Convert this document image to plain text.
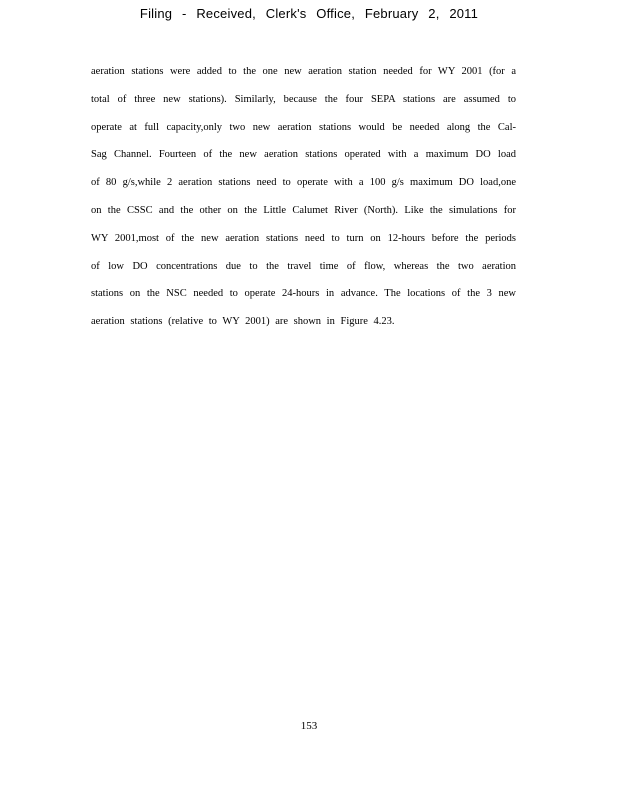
Filing - Received, Clerk's Office, February 2, 2011
aeration stations were added to the one new aeration station needed for WY 2001 (for a
total of three new stations). Similarly, because the four SEPA stations are assumed to
operate at full capacity,only two new aeration stations would be needed along the Cal-
Sag Channel. Fourteen of the new aeration stations operated with a maximum DO load
of 80 g/s,while 2 aeration stations need to operate with a 100 g/s maximum DO load,one
on the CSSC and the other on the Little Calumet River (North). Like the simulations for
WY 2001,most of the new aeration stations need to turn on 12-hours before the periods
of low DO concentrations due to the travel time of flow, whereas the two aeration
stations on the NSC needed to operate 24-hours in advance. The locations of the 3 new
aeration stations (relative to WY 2001) are shown in Figure 4.23.
153
